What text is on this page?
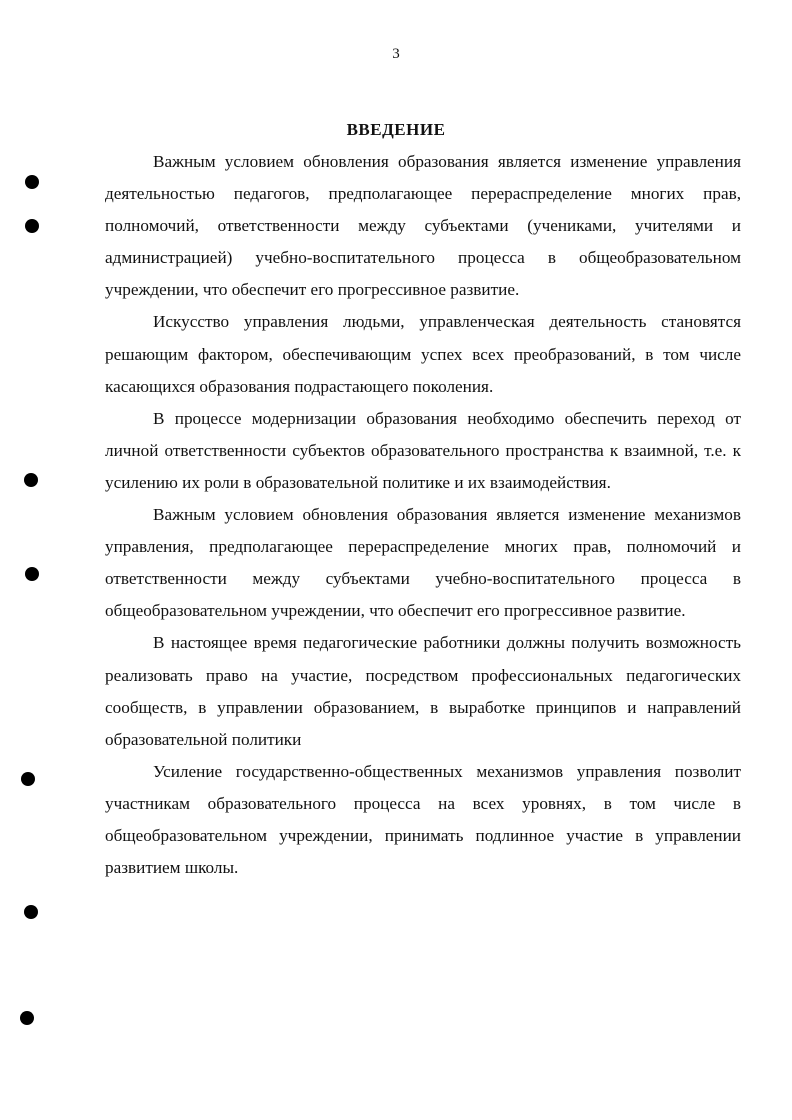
3
ВВЕДЕНИЕ

Важным условием обновления образования является изменение управления деятельностью педагогов, предполагающее перераспределение многих прав, полномочий, ответственности между субъектами (учениками, учителями и администрацией) учебно-воспитательного процесса в общеобразовательном учреждении, что обеспечит его прогрессивное развитие.

Искусство управления людьми, управленческая деятельность становятся решающим фактором, обеспечивающим успех всех преобразований, в том числе касающихся образования подрастающего поколения.

В процессе модернизации образования необходимо обеспечить переход от личной ответственности субъектов образовательного пространства к взаимной, т.е. к усилению их роли в образовательной политике и их взаимодействия.

Важным условием обновления образования является изменение механизмов управления, предполагающее перераспределение многих прав, полномочий и ответственности между субъектами учебно-воспитательного процесса в общеобразовательном учреждении, что обеспечит его прогрессивное развитие.

В настоящее время педагогические работники должны получить возможность реализовать право на участие, посредством профессиональных педагогических сообществ, в управлении образованием, в выработке принципов и направлений образовательной политики

Усиление государственно-общественных механизмов управления позволит участникам образовательного процесса на всех уровнях, в том числе в общеобразовательном учреждении, принимать подлинное участие в управлении развитием школы.
